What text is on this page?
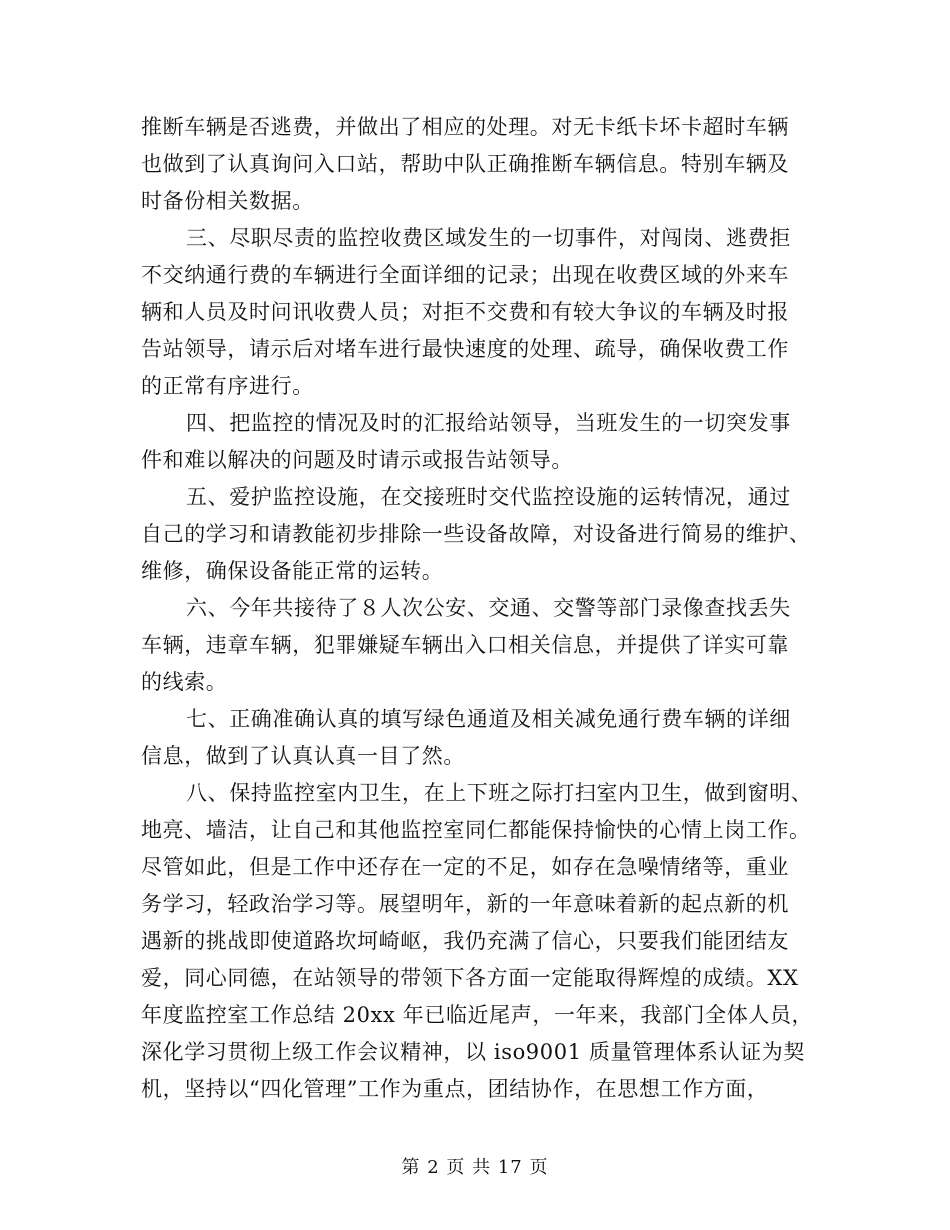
推断车辆是否逃费，并做出了相应的处理。对无卡纸卡坏卡超时车辆
也做到了认真询问入口站，帮助中队正确推断车辆信息。特别车辆及
时备份相关数据。
三、尽职尽责的监控收费区域发生的一切事件，对闯岗、逃费拒
不交纳通行费的车辆进行全面详细的记录；出现在收费区域的外来车
辆和人员及时问讯收费人员；对拒不交费和有较大争议的车辆及时报
告站领导，请示后对堵车进行最快速度的处理、疏导，确保收费工作
的正常有序进行。
四、把监控的情况及时的汇报给站领导，当班发生的一切突发事
件和难以解决的问题及时请示或报告站领导。
五、爱护监控设施，在交接班时交代监控设施的运转情况，通过
自己的学习和请教能初步排除一些设备故障，对设备进行简易的维护、
维修，确保设备能正常的运转。
六、今年共接待了８人次公安、交通、交警等部门录像查找丢失
车辆，违章车辆，犯罪嫌疑车辆出入口相关信息，并提供了详实可靠
的线索。
七、正确准确认真的填写绿色通道及相关减免通行费车辆的详细
信息，做到了认真认真一目了然。
八、保持监控室内卫生，在上下班之际打扫室内卫生，做到窗明、
地亮、墙洁，让自己和其他监控室同仁都能保持愉快的心情上岗工作。
尽管如此，但是工作中还存在一定的不足，如存在急噪情绪等，重业
务学习，轻政治学习等。展望明年，新的一年意味着新的起点新的机
遇新的挑战即使道路坎坷崎岖，我仍充满了信心，只要我们能团结友
爱，同心同德，在站领导的带领下各方面一定能取得辉煌的成绩。XX
年度监控室工作总结 20xx 年已临近尾声，一年来，我部门全体人员，
深化学习贯彻上级工作会议精神，以 iso9001 质量管理体系认证为契
机，坚持以“四化管理”工作为重点，团结协作，在思想工作方面，
第 2 页 共 17 页
